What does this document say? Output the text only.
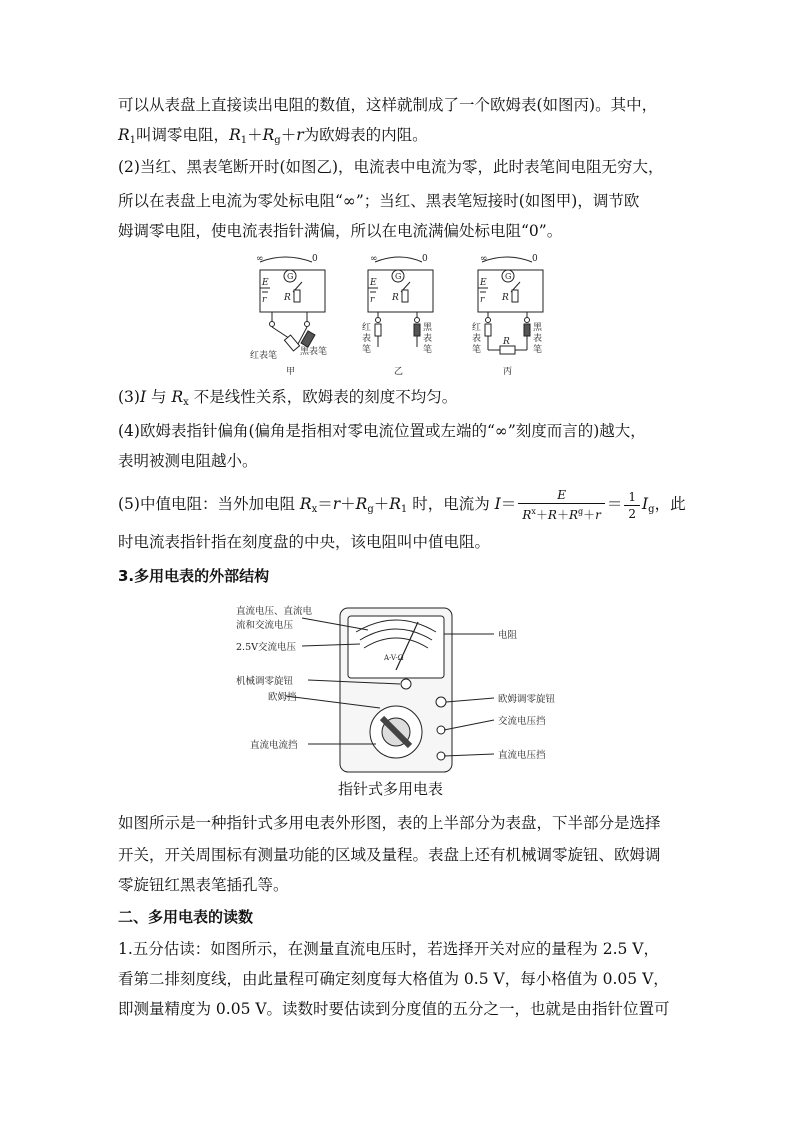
可以从表盘上直接读出电阻的数值，这样就制成了一个欧姆表(如图丙)。其中，
$R_1$叫调零电阻，$R_1+R_g+r$为欧姆表的内阻。
(2)当红、黑表笔断开时(如图乙)，电流表中电流为零，此时表笔间电阻无穷大，
所以在表盘上电流为零处标电阻“∞”；当红、黑表笔短接时(如图甲)，调节欧
姆调零电阻，使电流表指针满偏，所以在电流满偏处标电阻“0”。
∞	0
G
E
r R
红表笔	黑表笔
甲
∞	0
G
E
r R
红
表
笔
黑
表
笔
乙
∞	0
G
E
r R
红
表
笔
黑
表
笔
R
丙
(3)I 与 $R_x$ 不是线性关系，欧姆表的刻度不均匀。
(4)欧姆表指针偏角(偏角是指相对零电流位置或左端的“∞”刻度而言的)越大，
表明被测电阻越小。
(5)中值电阻：当外加电阻 $R_x=r+R_g+R_1$ 时，电流为 $I= \frac{E}{R^x+R+R^g+r} = \frac{1}{2} I_g$，此
时电流表指针指在刻度盘的中央，该电阻叫中值电阻。
3.多用电表的外部结构
A-V-Ω
直流电压、直流电
流和交流电压
2.5V交流电压
机械调零旋钮
欧姆挡
直流电流挡
电阻
欧姆调零旋钮
交流电压挡
直流电压挡
指针式多用电表
如图所示是一种指针式多用电表外形图，表的上半部分为表盘，下半部分是选择
开关，开关周围标有测量功能的区域及量程。表盘上还有机械调零旋钮、欧姆调
零旋钮红黑表笔插孔等。
二、多用电表的读数
1.五分估读：如图所示，在测量直流电压时，若选择开关对应的量程为 2.5 V，
看第二排刻度线，由此量程可确定刻度每大格值为 0.5 V，每小格值为 0.05 V，
即测量精度为 0.05 V。读数时要估读到分度值的五分之一，也就是由指针位置可
